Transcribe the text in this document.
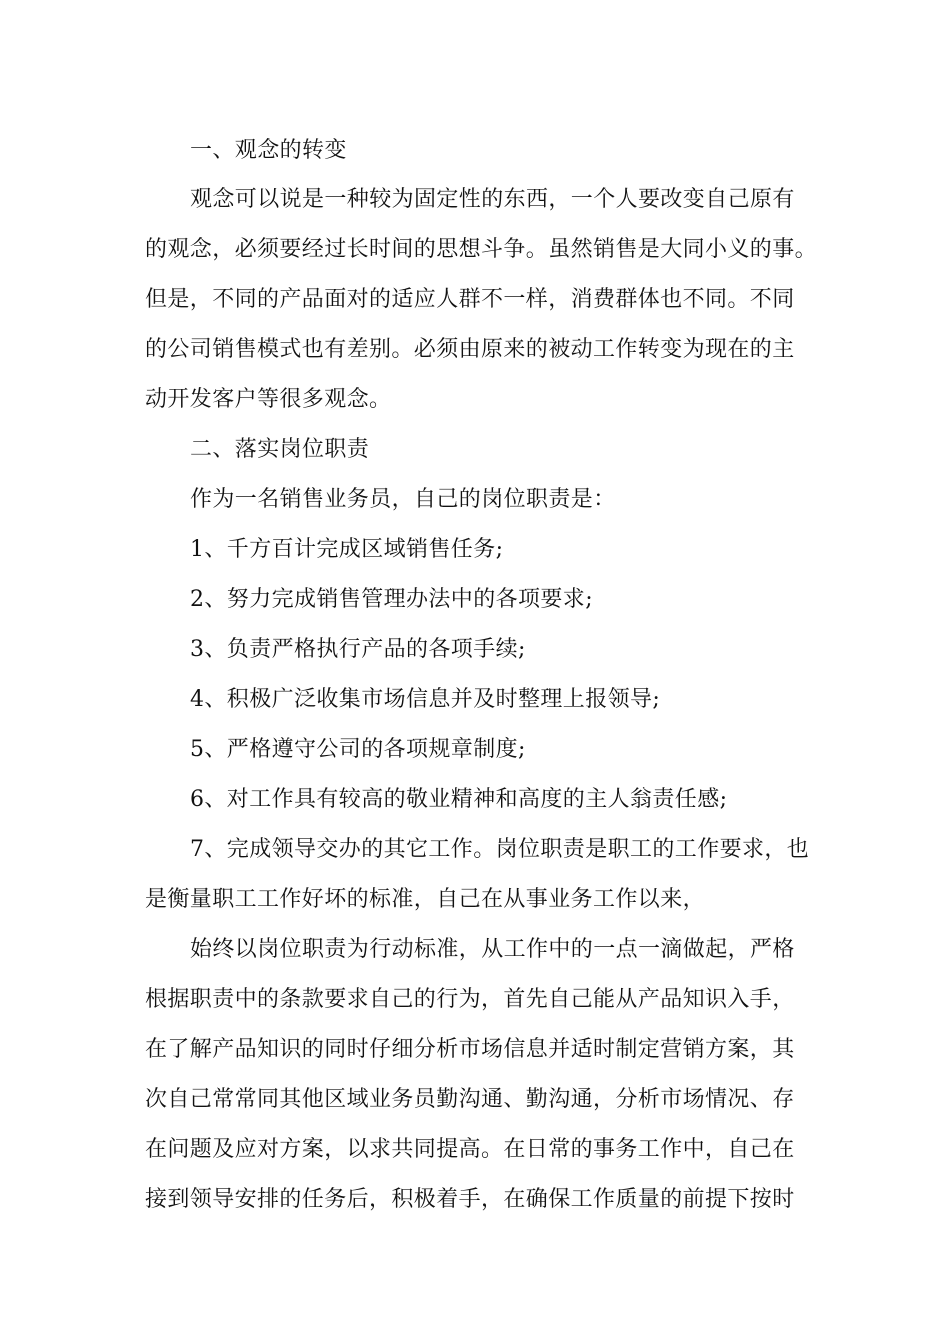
一、观念的转变
观念可以说是一种较为固定性的东西，一个人要改变自己原有
的观念，必须要经过长时间的思想斗争。虽然销售是大同小义的事。
但是，不同的产品面对的适应人群不一样，消费群体也不同。不同
的公司销售模式也有差别。必须由原来的被动工作转变为现在的主
动开发客户等很多观念。
二、落实岗位职责
作为一名销售业务员，自己的岗位职责是：
1、千方百计完成区域销售任务;
2、努力完成销售管理办法中的各项要求;
3、负责严格执行产品的各项手续;
4、积极广泛收集市场信息并及时整理上报领导;
5、严格遵守公司的各项规章制度;
6、对工作具有较高的敬业精神和高度的主人翁责任感;
7、完成领导交办的其它工作。岗位职责是职工的工作要求，也
是衡量职工工作好坏的标准，自己在从事业务工作以来，
始终以岗位职责为行动标准，从工作中的一点一滴做起，严格
根据职责中的条款要求自己的行为，首先自己能从产品知识入手，
在了解产品知识的同时仔细分析市场信息并适时制定营销方案，其
次自己常常同其他区域业务员勤沟通、勤沟通，分析市场情况、存
在问题及应对方案，以求共同提高。在日常的事务工作中，自己在
接到领导安排的任务后，积极着手，在确保工作质量的前提下按时
